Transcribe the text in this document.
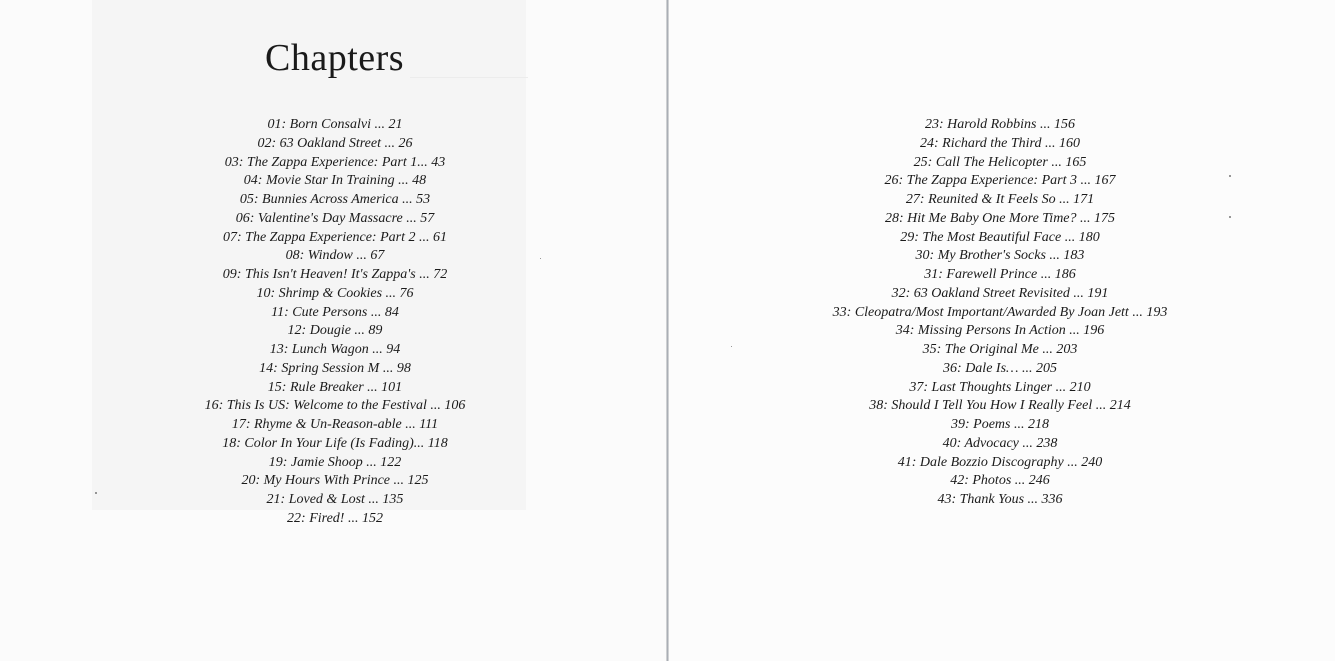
Chapters
01: Born Consalvi ... 21
02: 63 Oakland Street ... 26
03: The Zappa Experience: Part 1... 43
04: Movie Star In Training ... 48
05: Bunnies Across America ... 53
06: Valentine's Day Massacre ... 57
07: The Zappa Experience: Part 2 ... 61
08: Window ... 67
09: This Isn't Heaven! It's Zappa's ... 72
10: Shrimp & Cookies ... 76
11: Cute Persons ... 84
12: Dougie ... 89
13: Lunch Wagon ... 94
14: Spring Session M ... 98
15: Rule Breaker ... 101
16: This Is US: Welcome to the Festival ... 106
17: Rhyme & Un-Reason-able ... 111
18: Color In Your Life (Is Fading)... 118
19: Jamie Shoop ... 122
20: My Hours With Prince ... 125
21: Loved & Lost ... 135
22: Fired! ... 152
23: Harold Robbins ... 156
24: Richard the Third ... 160
25: Call The Helicopter ... 165
26: The Zappa Experience: Part 3 ... 167
27: Reunited & It Feels So ... 171
28: Hit Me Baby One More Time? ... 175
29: The Most Beautiful Face ... 180
30: My Brother's Socks ... 183
31: Farewell Prince ... 186
32: 63 Oakland Street Revisited ... 191
33: Cleopatra/Most Important/Awarded By Joan Jett ... 193
34: Missing Persons In Action ... 196
35: The Original Me ... 203
36: Dale Is… ... 205
37: Last Thoughts Linger ... 210
38: Should I Tell You How I Really Feel ... 214
39: Poems ... 218
40: Advocacy ... 238
41: Dale Bozzio Discography ... 240
42: Photos ... 246
43: Thank Yous ... 336
